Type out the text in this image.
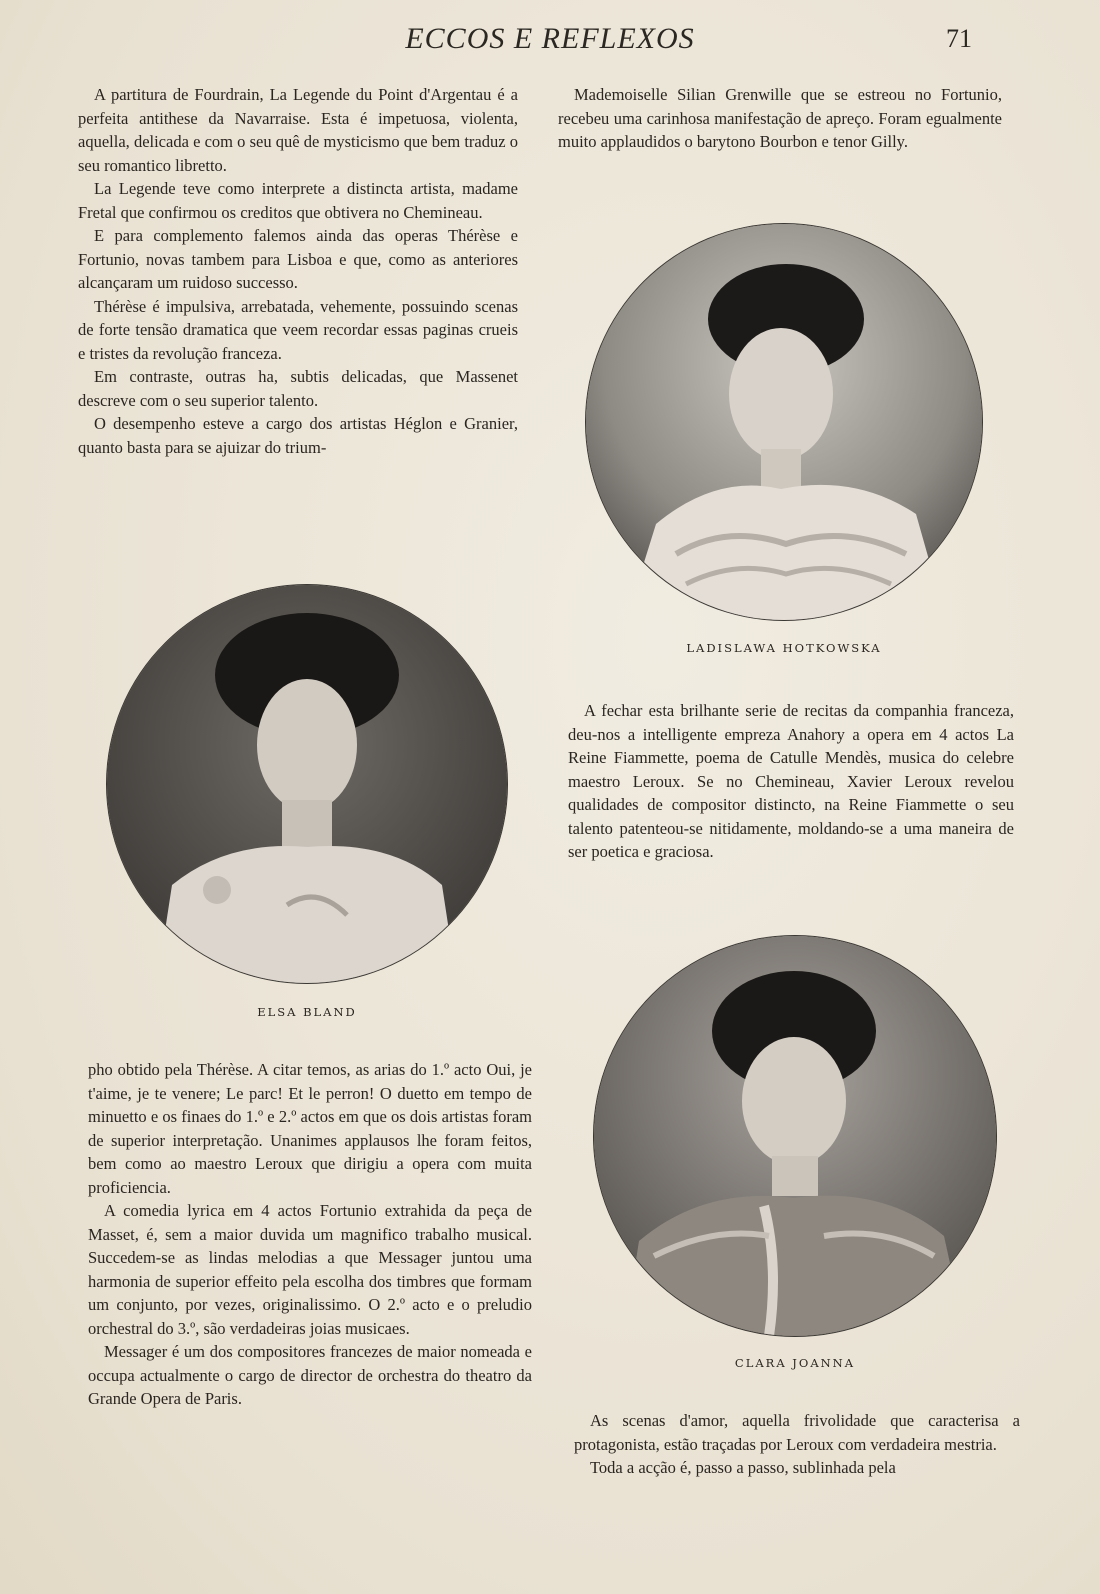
ECCOS E REFLEXOS	71

A partitura de Fourdrain, La Legende du Point d'Argentau é a perfeita antithese da Navarraise. Esta é impetuosa, violenta, aquella, delicada e com o seu quê de mysticismo que bem traduz o seu romantico libretto.

La Legende teve como interprete a distincta artista, madame Fretal que confirmou os creditos que obtivera no Chemineau.

E para complemento falemos ainda das operas Thérèse e Fortunio, novas tambem para Lisboa e que, como as anteriores alcançaram um ruidoso successo.

Thérèse é impulsiva, arrebatada, vehemente, possuindo scenas de forte tensão dramatica que veem recordar essas paginas crueis e tristes da revolução franceza.

Em contraste, outras ha, subtis delicadas, que Massenet descreve com o seu superior talento.

O desempenho esteve a cargo dos artistas Héglon e Granier, quanto basta para se ajuizar do trium-

Mademoiselle Silian Grenwille que se estreou no Fortunio, recebeu uma carinhosa manifestação de apreço. Foram egualmente muito applaudidos o barytono Bourbon e tenor Gilly.

LADISLAWA HOTKOWSKA
ELSA BLAND

A fechar esta brilhante serie de recitas da companhia franceza, deu-nos a intelligente empreza Anahory a opera em 4 actos La Reine Fiammette, poema de Catulle Mendès, musica do celebre maestro Leroux. Se no Chemineau, Xavier Leroux revelou qualidades de compositor distincto, na Reine Fiammette o seu talento patenteou-se nitidamente, moldando-se a uma maneira de ser poetica e graciosa.

CLARA JOANNA

pho obtido pela Thérèse. A citar temos, as arias do 1.º acto Oui, je t'aime, je te venere; Le parc! Et le perron! O duetto em tempo de minuetto e os finaes do 1.º e 2.º actos em que os dois artistas foram de superior interpretação. Unanimes applausos lhe foram feitos, bem como ao maestro Leroux que dirigiu a opera com muita proficiencia.

A comedia lyrica em 4 actos Fortunio extrahida da peça de Masset, é, sem a maior duvida um magnifico trabalho musical. Succedem-se as lindas melodias a que Messager juntou uma harmonia de superior effeito pela escolha dos timbres que formam um conjunto, por vezes, originalissimo. O 2.º acto e o preludio orchestral do 3.º, são verdadeiras joias musicaes.

Messager é um dos compositores francezes de maior nomeada e occupa actualmente o cargo de director de orchestra do theatro da Grande Opera de Paris.

As scenas d'amor, aquella frivolidade que caracterisa a protagonista, estão traçadas por Leroux com verdadeira mestria.

Toda a acção é, passo a passo, sublinhada pela
